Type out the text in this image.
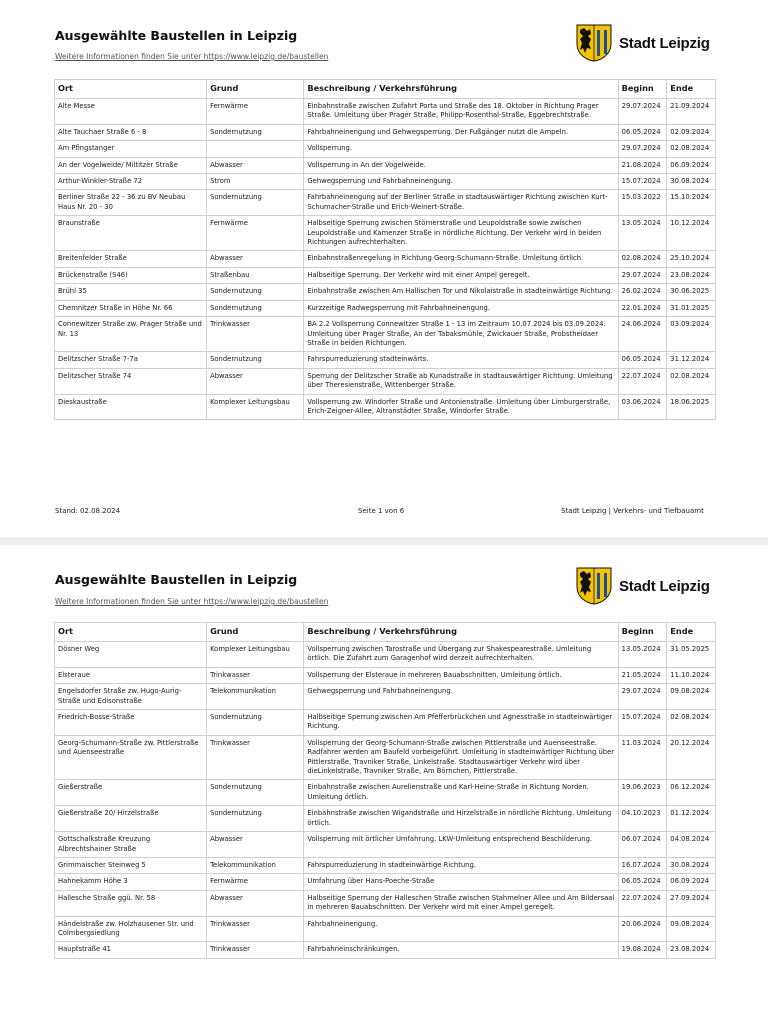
Ausgewählte Baustellen in Leipzig
Weitere Informationen finden Sie unter https://www.leipzig.de/baustellen
Stadt Leipzig
Ort	Grund	Beschreibung / Verkehrsführung	Beginn	Ende
Alte Messe	Fernwärme	Einbahnstraße zwischen Zufahrt Porta und Straße des 18. Oktober in Richtung Prager Straße. Umleitung über Prager Straße, Philipp-Rosenthal-Straße, Eggebrechtstraße.	29.07.2024	21.09.2024
Alte Tauchaer Straße 6 - 8	Sondernutzung	Fahrbahneinengung und Gehwegsperrung. Der Fußgänger nutzt die Ampeln.	06.05.2024	02.09.2024
Am Pfingstanger		Vollsperrung.	29.07.2024	02.08.2024
An der Vogelweide/ Miltitzer Straße	Abwasser	Vollsperrung in An der Vogelweide.	21.08.2024	06.09.2024
Arthur-Winkler-Straße 72	Strom	Gehwegsperrung und Fahrbahneinengung.	15.07.2024	30.08.2024
Berliner Straße 22 - 36 zu BV Neubau Haus Nr. 20 - 30	Sondernutzung	Fahrbahneinengung auf der Berliner Straße in stadtauswärtiger Richtung zwischen Kurt-Schumacher-Straße und Erich-Weinert-Straße.	15.03.2022	15.10.2024
Braunstraße	Fernwärme	Halbseitige Sperrung zwischen Störnerstraße und Leupoldstraße sowie zwischen Leupoldstraße und Kamenzer Straße in nördliche Richtung. Der Verkehr wird in beiden Richtungen aufrechterhalten.	13.05.2024	10.12.2024
Breitenfelder Straße	Abwasser	Einbahnstraßenregelung in Richtung Georg-Schumann-Straße. Umleitung örtlich.	02.08.2024	25.10.2024
Brückenstraße (S46)	Straßenbau	Halbseitige Sperrung. Der Verkehr wird mit einer Ampel geregelt.	29.07.2024	23.08.2024
Brühl 35	Sondernutzung	Einbahnstraße zwischen Am Hallischen Tor und Nikolaistraße in stadteinwärtige Richtung.	26.02.2024	30.06.2025
Chemnitzer Straße in Höhe Nr. 66	Sondernutzung	Kurzzeitige Radwegsperrung mit Fahrbahneinengung.	22.01.2024	31.01.2025
Connewitzer Straße zw. Prager Straße und Nr. 13	Trinkwasser	BA 2.2 Vollsperrung Connewitzer Straße 1 - 13 im Zeitraum 10.07.2024 bis 03.09.2024. Umleitung über Prager Straße, An der Tabaksmühle, Zwickauer Straße, Probstheidaer Straße in beiden Richtungen.	24.06.2024	03.09.2024
Delitzscher Straße 7-7a	Sondernutzung	Fahrspurreduzierung stadteinwärts.	06.05.2024	31.12.2024
Delitzscher Straße 74	Abwasser	Sperrung der Delitzscher Straße ab Kunadstraße in stadtauswärtiger Richtung. Umleitung über Theresienstraße, Wittenberger Straße.	22.07.2024	02.08.2024
Dieskaustraße	Komplexer Leitungsbau	Vollsperrung zw. Windorfer Straße und Antonienstraße. Umleitung über Limburgerstraße, Erich-Zeigner-Allee, Altranstädter Straße, Windorfer Straße.	03.06.2024	18.06.2025
Stand: 02.08.2024	Seite 1 von 6	Stadt Leipzig | Verkehrs- und Tiefbauamt
Ausgewählte Baustellen in Leipzig
Weitere Informationen finden Sie unter https://www.leipzig.de/baustellen
Stadt Leipzig
Ort	Grund	Beschreibung / Verkehrsführung	Beginn	Ende
Dösner Weg	Komplexer Leitungsbau	Vollsperrung zwischen Tarostraße und Übergang zur Shakespearestraße. Umleitung örtlich. Die Zufahrt zum Garagenhof wird derzeit aufrechterhalten.	13.05.2024	31.05.2025
Elsteraue	Trinkwasser	Vollsperrung der Elsteraue in mehreren Bauabschnitten. Umleitung örtlich.	21.05.2024	11.10.2024
Engelsdorfer Straße zw. Hugo-Aurig-Straße und Edisonstraße	Telekommunikation	Gehwegsperrung und Fahrbahneinengung.	29.07.2024	09.08.2024
Friedrich-Bosse-Straße	Sondernutzung	Halbseitige Sperrung zwischen Am Pfefferbrückchen und Agnesstraße in stadteinwärtiger Richtung.	15.07.2024	02.08.2024
Georg-Schumann-Straße zw. Pittlerstraße und Auenseestraße	Trinkwasser	Vollsperrung der Georg-Schumann-Straße zwischen Pittlerstraße und Auenseestraße. Radfahrer werden am Baufeld vorbeigeführt. Umleitung in stadteinwärtiger Richtung über Pittlerstraße, Travniker Straße, Linkelstraße. Stadtauswärtiger Verkehr wird über dieLinkelstraße, Travniker Straße, Am Börnchen, Pittlerstraße.	11.03.2024	20.12.2024
Gießerstraße	Sondernutzung	Einbahnstraße zwischen Aurelienstraße und Karl-Heine-Straße in Richtung Norden. Umleitung örtlich.	19.06.2023	06.12.2024
Gießerstraße 20/ Hirzelstraße	Sondernutzung	Einbahnstraße zwischen Wigandstraße und Hirzelstraße in nördliche Richtung. Umleitung örtlich.	04.10.2023	01.12.2024
Gottschalkstraße Kreuzung Albrechtshainer Straße	Abwasser	Vollsperrung mit örtlicher Umfahrung. LKW-Umleitung entsprechend Beschilderung.	06.07.2024	04.08.2024
Grimmaischer Steinweg 5	Telekommunikation	Fahrspurreduzierung in stadteinwärtige Richtung.	16.07.2024	30.08.2024
Hahnekamm Höhe 3	Fernwärme	Umfahrung über Hans-Poeche-Straße	06.05.2024	06.09.2024
Hallesche Straße ggü. Nr. 58	Abwasser	Halbseitige Sperrung der Halleschen Straße zwischen Stahmelner Allee und Am Bildersaal in mehreren Bauabschnitten. Der Verkehr wird mit einer Ampel geregelt.	22.07.2024	27.09.2024
Händelstraße zw. Holzhausener Str. und Colmbergsiedlung	Trinkwasser	Fahrbahneinengung.	20.06.2024	09.08.2024
Hauptstraße 41	Trinkwasser	Fahrbahneinschränkungen.	19.08.2024	23.08.2024
